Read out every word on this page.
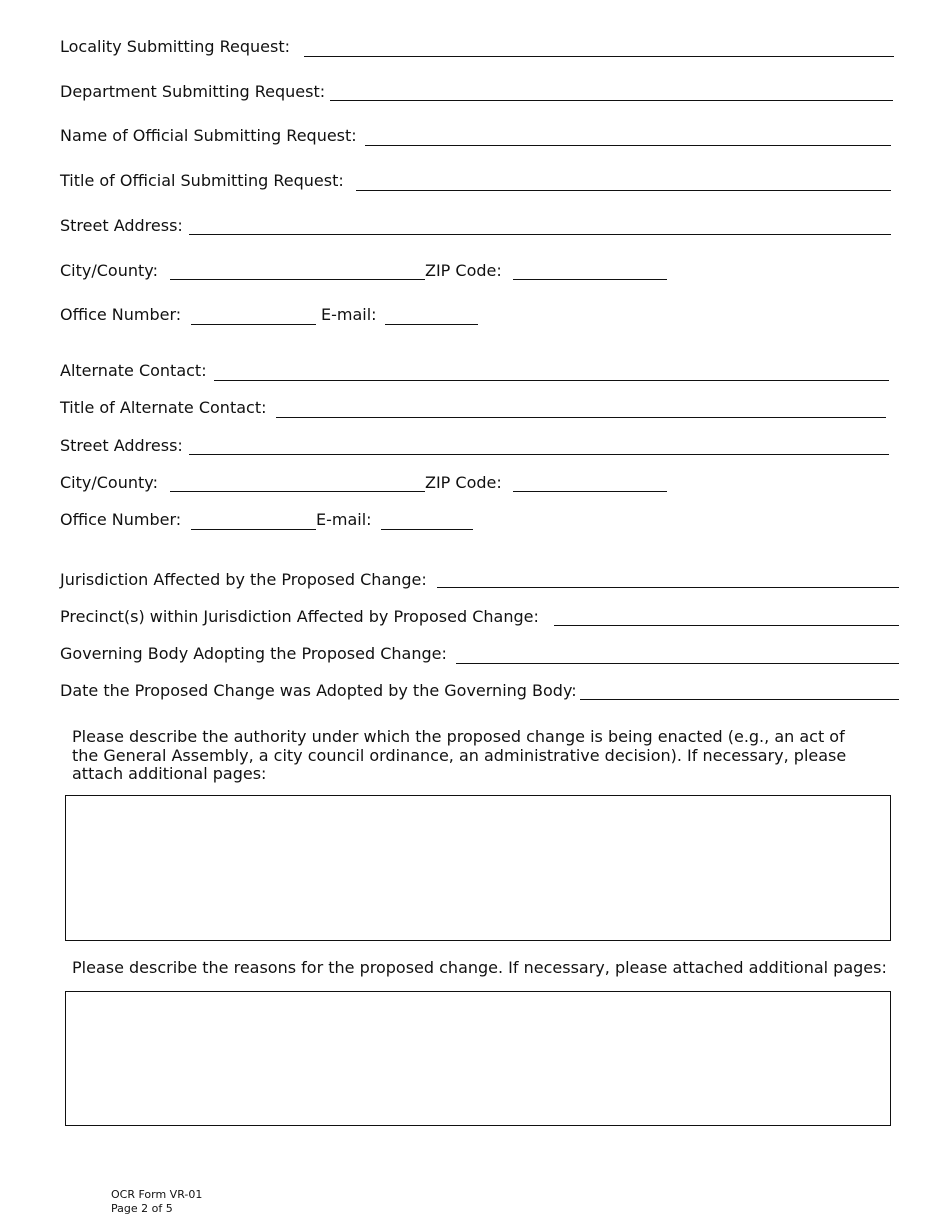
Locality Submitting Request:
Department Submitting Request:
Name of Official Submitting Request:
Title of Official Submitting Request:
Street Address:
City/County:	ZIP Code:
Office Number:	E-mail:
Alternate Contact:
Title of Alternate Contact:
Street Address:
City/County:	ZIP Code:
Office Number:	E-mail:
Jurisdiction Affected by the Proposed Change:
Precinct(s) within Jurisdiction Affected by Proposed Change:
Governing Body Adopting the Proposed Change:
Date the Proposed Change was Adopted by the Governing Body:
Please describe the authority under which the proposed change is being enacted (e.g., an act of the General Assembly, a city council ordinance, an administrative decision). If necessary, please attach additional pages:
Please describe the reasons for the proposed change. If necessary, please attached additional pages:
OCR Form VR-01
Page 2 of 5
